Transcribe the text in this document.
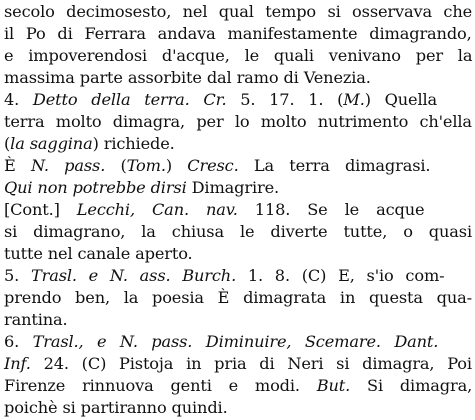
secolo decimosesto, nel qual tempo si osservava che
il Po di Ferrara andava manifestamente dimagrando,
e impoverendosi d'acque, le quali venivano per la
massima parte assorbite dal ramo di Venezia.
4. Detto della terra. Cr. 5. 17. 1. (M.) Quella
terra molto dimagra, per lo molto nutrimento ch'ella
(la saggina) richiede.
È N. pass. (Tom.) Cresc. La terra dimagrasi.
Qui non potrebbe dirsi Dimagrire.
[Cont.] Lecchi, Can. nav. 118. Se le acque
si dimagrano, la chiusa le diverte tutte, o quasi
tutte nel canale aperto.
5. Trasl. e N. ass. Burch. 1. 8. (C) E, s'io com-
prendo ben, la poesia È dimagrata in questa qua-
rantina.
6. Trasl., e N. pass. Diminuire, Scemare. Dant.
Inf. 24. (C) Pistoja in pria di Neri si dimagra, Poi
Firenze rinnuova genti e modi. But. Si dimagra,
poichè si partiranno quindi.
